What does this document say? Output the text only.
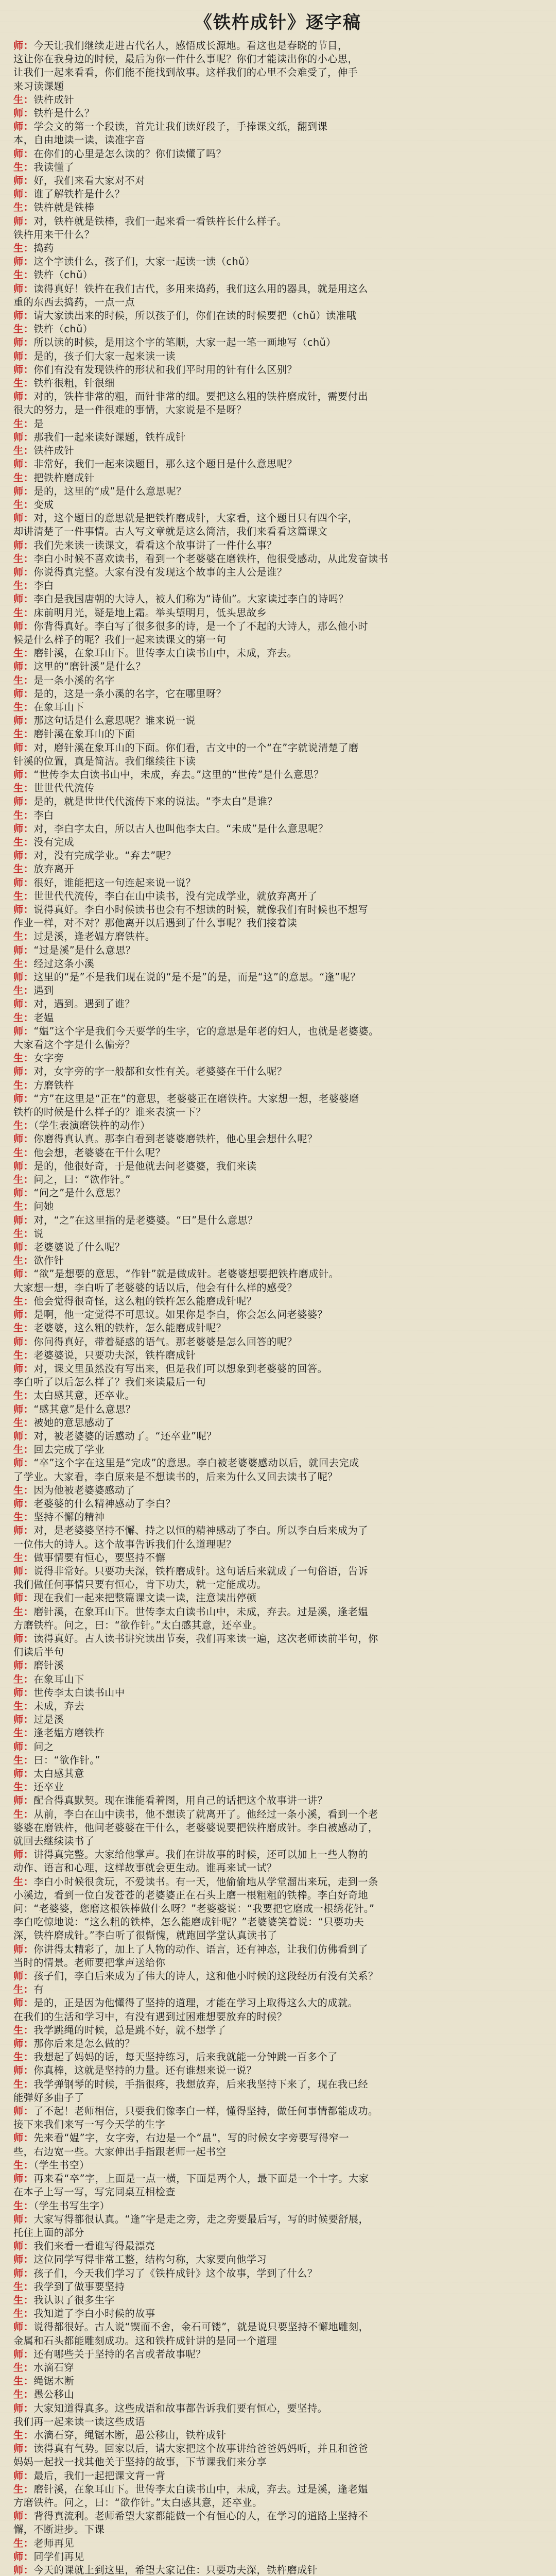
《铁杵成针》逐字稿
师：今天让我们继续走进古代名人，感悟成长源地。看这也是春晓的节目，
这让你在我身边的时候，最后为你一件什么事呢？你们才能读出你的小心思，
让我们一起来看看，你们能不能找到故事。这样我们的心里不会难受了，伸手
来习读课题
生：铁杵成针
师：铁杵是什么？
师：学会文的第一个段读，首先让我们读好段子，手捧课文纸，翻到课
本，自由地读一读，读准字音
师：在你们的心里是怎么读的？你们读懂了吗？
生：我读懂了
师：好，我们来看大家对不对
师：谁了解铁杵是什么？
生：铁杵就是铁棒
师：对，铁杵就是铁棒，我们一起来看一看铁杵长什么样子。
铁杵用来干什么？
生：捣药
师：这个字读什么，孩子们，大家一起读一读（chǔ）
生：铁杵（chǔ）
师：读得真好！铁杵在我们古代，多用来捣药，我们这么用的器具，就是用这么
重的东西去捣药，一点一点
师：请大家读出来的时候，所以孩子们，你们在读的时候要把（chǔ）读准哦
生：铁杵（chǔ）
师：所以读的时候，是用这个字的笔顺，大家一起一笔一画地写（chǔ）
师：是的，孩子们大家一起来读一读
师：你们有没有发现铁杵的形状和我们平时用的针有什么区别？
生：铁杵很粗，针很细
师：对的，铁杵非常的粗，而针非常的细。要把这么粗的铁杵磨成针，需要付出
很大的努力，是一件很难的事情，大家说是不是呀？
生：是
师：那我们一起来读好课题，铁杵成针
生：铁杵成针
师：非常好，我们一起来读题目，那么这个题目是什么意思呢？
生：把铁杵磨成针
师：是的，这里的“成”是什么意思呢？
生：变成
师：对，这个题目的意思就是把铁杵磨成针，大家看，这个题目只有四个字，
却讲清楚了一件事情。古人写文章就是这么简洁，我们来看看这篇课文
师：我们先来读一读课文，看看这个故事讲了一件什么事？
生：李白小时候不喜欢读书，看到一个老婆婆在磨铁杵，他很受感动，从此发奋读书
师：你说得真完整。大家有没有发现这个故事的主人公是谁？
生：李白
师：李白是我国唐朝的大诗人，被人们称为“诗仙”。大家读过李白的诗吗？
生：床前明月光，疑是地上霜。举头望明月，低头思故乡
师：你背得真好。李白写了很多很多的诗，是一个了不起的大诗人，那么他小时
候是什么样子的呢？我们一起来读课文的第一句
生：磨针溪，在象耳山下。世传李太白读书山中，未成，弃去。
师：这里的“磨针溪”是什么？
生：是一条小溪的名字
师：是的，这是一条小溪的名字，它在哪里呀？
生：在象耳山下
师：那这句话是什么意思呢？谁来说一说
生：磨针溪在象耳山的下面
师：对，磨针溪在象耳山的下面。你们看，古文中的一个“在”字就说清楚了磨
针溪的位置，真是简洁。我们继续往下读
师：“世传李太白读书山中，未成，弃去。”这里的“世传”是什么意思？
生：世世代代流传
师：是的，就是世世代代流传下来的说法。“李太白”是谁？
生：李白
师：对，李白字太白，所以古人也叫他李太白。“未成”是什么意思呢？
生：没有完成
师：对，没有完成学业。“弃去”呢？
生：放弃离开
师：很好，谁能把这一句连起来说一说？
生：世世代代流传，李白在山中读书，没有完成学业，就放弃离开了
师：说得真好。李白小时候读书也会有不想读的时候，就像我们有时候也不想写
作业一样，对不对？那他离开以后遇到了什么事呢？我们接着读
生：过是溪，逢老媪方磨铁杵。
师：“过是溪”是什么意思？
生：经过这条小溪
师：这里的“是”不是我们现在说的“是不是”的是，而是“这”的意思。“逢”呢？
生：遇到
师：对，遇到。遇到了谁？
生：老媪
师：“媪”这个字是我们今天要学的生字，它的意思是年老的妇人，也就是老婆婆。
大家看这个字是什么偏旁？
生：女字旁
师：对，女字旁的字一般都和女性有关。老婆婆在干什么呢？
生：方磨铁杵
师：“方”在这里是“正在”的意思，老婆婆正在磨铁杵。大家想一想，老婆婆磨
铁杵的时候是什么样子的？谁来表演一下？
生：（学生表演磨铁杵的动作）
师：你磨得真认真。那李白看到老婆婆磨铁杵，他心里会想什么呢？
生：他会想，老婆婆在干什么呢？
师：是的，他很好奇，于是他就去问老婆婆，我们来读
生：问之，曰：“欲作针。”
师：“问之”是什么意思？
生：问她
师：对，“之”在这里指的是老婆婆。“曰”是什么意思？
生：说
师：老婆婆说了什么呢？
生：欲作针
师：“欲”是想要的意思，“作针”就是做成针。老婆婆想要把铁杵磨成针。
大家想一想，李白听了老婆婆的话以后，他会有什么样的感受？
生：他会觉得很奇怪，这么粗的铁杵怎么能磨成针呢？
师：是啊，他一定觉得不可思议。如果你是李白，你会怎么问老婆婆？
生：老婆婆，这么粗的铁杵，怎么能磨成针呢？
师：你问得真好，带着疑惑的语气。那老婆婆是怎么回答的呢？
生：老婆婆说，只要功夫深，铁杵磨成针
师：对，课文里虽然没有写出来，但是我们可以想象到老婆婆的回答。
李白听了以后怎么样了？我们来读最后一句
生：太白感其意，还卒业。
师：“感其意”是什么意思？
生：被她的意思感动了
师：对，被老婆婆的话感动了。“还卒业”呢？
生：回去完成了学业
师：“卒”这个字在这里是“完成”的意思。李白被老婆婆感动以后，就回去完成
了学业。大家看，李白原来是不想读书的，后来为什么又回去读书了呢？
生：因为他被老婆婆感动了
师：老婆婆的什么精神感动了李白？
生：坚持不懈的精神
师：对，是老婆婆坚持不懈、持之以恒的精神感动了李白。所以李白后来成为了
一位伟大的诗人。这个故事告诉我们什么道理呢？
生：做事情要有恒心，要坚持不懈
师：说得非常好。只要功夫深，铁杵磨成针。这句话后来就成了一句俗语，告诉
我们做任何事情只要有恒心，肯下功夫，就一定能成功。
师：现在我们一起来把整篇课文读一读，注意读出停顿
生：磨针溪，在象耳山下。世传李太白读书山中，未成，弃去。过是溪，逢老媪
方磨铁杵。问之，曰：“欲作针。”太白感其意，还卒业。
师：读得真好。古人读书讲究读出节奏，我们再来读一遍，这次老师读前半句，你
们读后半句
师：磨针溪
生：在象耳山下
师：世传李太白读书山中
生：未成，弃去
师：过是溪
生：逢老媪方磨铁杵
师：问之
生：曰：“欲作针。”
师：太白感其意
生：还卒业
师：配合得真默契。现在谁能看着图，用自己的话把这个故事讲一讲？
生：从前，李白在山中读书，他不想读了就离开了。他经过一条小溪，看到一个老
婆婆在磨铁杵，他问老婆婆在干什么，老婆婆说要把铁杵磨成针。李白被感动了，
就回去继续读书了
师：讲得真完整。大家给他掌声。我们在讲故事的时候，还可以加上一些人物的
动作、语言和心理，这样故事就会更生动。谁再来试一试？
生：李白小时候很贪玩，不爱读书。有一天，他偷偷地从学堂溜出来玩，走到一条
小溪边，看到一位白发苍苍的老婆婆正在石头上磨一根粗粗的铁棒。李白好奇地
问：“老婆婆，您磨这根铁棒做什么呀？”老婆婆说：“我要把它磨成一根绣花针。”
李白吃惊地说：“这么粗的铁棒，怎么能磨成针呢？”老婆婆笑着说：“只要功夫
深，铁杵磨成针。”李白听了很惭愧，就跑回学堂认真读书了
师：你讲得太精彩了，加上了人物的动作、语言，还有神态，让我们仿佛看到了
当时的情景。老师要把掌声送给你
师：孩子们，李白后来成为了伟大的诗人，这和他小时候的这段经历有没有关系？
生：有
师：是的，正是因为他懂得了坚持的道理，才能在学习上取得这么大的成就。
在我们的生活和学习中，有没有遇到过困难想要放弃的时候？
生：我学跳绳的时候，总是跳不好，就不想学了
师：那你后来是怎么做的？
生：我想起了妈妈的话，每天坚持练习，后来我就能一分钟跳一百多个了
师：你真棒，这就是坚持的力量。还有谁想来说一说？
生：我学弹钢琴的时候，手指很疼，我想放弃，后来我坚持下来了，现在我已经
能弹好多曲子了
师：了不起！老师相信，只要我们像李白一样，懂得坚持，做任何事情都能成功。
接下来我们来写一写今天学的生字
师：先来看“媪”字，女字旁，右边是一个“昷”，写的时候女字旁要写得窄一
些，右边宽一些。大家伸出手指跟老师一起书空
生：（学生书空）
师：再来看“卒”字，上面是一点一横，下面是两个人，最下面是一个十字。大家
在本子上写一写，写完同桌互相检查
生：（学生书写生字）
师：大家写得都很认真。“逢”字是走之旁，走之旁要最后写，写的时候要舒展，
托住上面的部分
师：我们来看一看谁写得最漂亮
师：这位同学写得非常工整，结构匀称，大家要向他学习
师：孩子们，今天我们学习了《铁杵成针》这个故事，学到了什么？
生：我学到了做事要坚持
生：我认识了很多生字
生：我知道了李白小时候的故事
师：说得都很好。古人说“锲而不舍，金石可镂”，就是说只要坚持不懈地雕刻，
金属和石头都能雕刻成功。这和铁杵成针讲的是同一个道理
师：还有哪些关于坚持的名言或者故事呢？
生：水滴石穿
生：绳锯木断
生：愚公移山
师：大家知道得真多。这些成语和故事都告诉我们要有恒心，要坚持。
我们再一起来读一读这些成语
生：水滴石穿，绳锯木断，愚公移山，铁杵成针
师：读得真有气势。回家以后，请大家把这个故事讲给爸爸妈妈听，并且和爸爸
妈妈一起找一找其他关于坚持的故事，下节课我们来分享
师：最后，我们一起把课文背一背
生：磨针溪，在象耳山下。世传李太白读书山中，未成，弃去。过是溪，逢老媪
方磨铁杵。问之，曰：“欲作针。”太白感其意，还卒业。
师：背得真流利。老师希望大家都能做一个有恒心的人，在学习的道路上坚持不
懈，不断进步。下课
生：老师再见
师：同学们再见
师：今天的课就上到这里，希望大家记住：只要功夫深，铁杵磨成针
